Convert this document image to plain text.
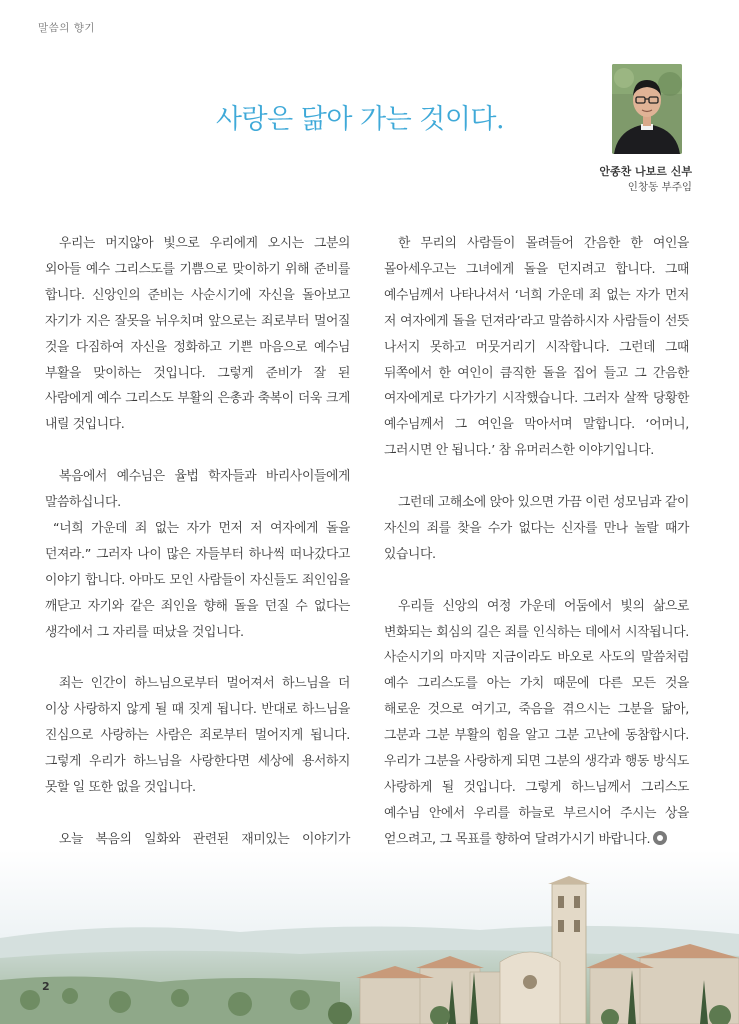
말씀의 향기
사랑은 닮아 가는 것이다.
안종찬 나보르 신부
인창동 부주임

우리는 머지않아 빛으로 우리에게 오시는 그분의 외아들 예수 그리스도를 기쁨으로 맞이하기 위해 준비를 합니다. 신앙인의 준비는 사순시기에 자신을 돌아보고 자기가 지은 잘못을 뉘우치며 앞으로는 죄로부터 멀어질 것을 다짐하여 자신을 정화하고 기쁜 마음으로 예수님 부활을 맞이하는 것입니다. 그렇게 준비가 잘 된 사람에게 예수 그리스도 부활의 은총과 축복이 더욱 크게 내릴 것입니다.

복음에서 예수님은 율법 학자들과 바리사이들에게 말씀하십니다.

“너희 가운데 죄 없는 자가 먼저 저 여자에게 돌을 던져라.” 그러자 나이 많은 자들부터 하나씩 떠나갔다고 이야기 합니다. 아마도 모인 사람들이 자신들도 죄인임을 깨닫고 자기와 같은 죄인을 향해 돌을 던질 수 없다는 생각에서 그 자리를 떠났을 것입니다.

죄는 인간이 하느님으로부터 멀어져서 하느님을 더 이상 사랑하지 않게 될 때 짓게 됩니다. 반대로 하느님을 진심으로 사랑하는 사람은 죄로부터 멀어지게 됩니다. 그렇게 우리가 하느님을 사랑한다면 세상에 용서하지 못할 일 또한 없을 것입니다.

오늘 복음의 일화와 관련된 재미있는 이야기가

한 무리의 사람들이 몰려들어 간음한 한 여인을 몰아세우고는 그녀에게 돌을 던지려고 합니다. 그때 예수님께서 나타나셔서 ‘너희 가운데 죄 없는 자가 먼저 저 여자에게 돌을 던져라’라고 말씀하시자 사람들이 선뜻 나서지 못하고 머뭇거리기 시작합니다. 그런데 그때 뒤쪽에서 한 여인이 큼직한 돌을 집어 들고 그 간음한 여자에게로 다가가기 시작했습니다. 그러자 살짝 당황한 예수님께서 그 여인을 막아서며 말합니다. ‘어머니, 그러시면 안 됩니다.’ 참 유머러스한 이야기입니다.

그런데 고해소에 앉아 있으면 가끔 이런 성모님과 같이 자신의 죄를 찾을 수가 없다는 신자를 만나 놀랄 때가 있습니다.

우리들 신앙의 여정 가운데 어둠에서 빛의 삶으로 변화되는 회심의 길은 죄를 인식하는 데에서 시작됩니다. 사순시기의 마지막 지금이라도 바오로 사도의 말씀처럼 예수 그리스도를 아는 가치 때문에 다른 모든 것을 해로운 것으로 여기고, 죽음을 겪으시는 그분을 닮아, 그분과 그분 부활의 힘을 알고 그분 고난에 동참합시다. 우리가 그분을 사랑하게 되면 그분의 생각과 행동 방식도 사랑하게 될 것입니다. 그렇게 하느님께서 그리스도 예수님 안에서 우리를 하늘로 부르시어 주시는 상을 얻으려고, 그 목표를 향하여 달려가시기 바랍니다.

2
